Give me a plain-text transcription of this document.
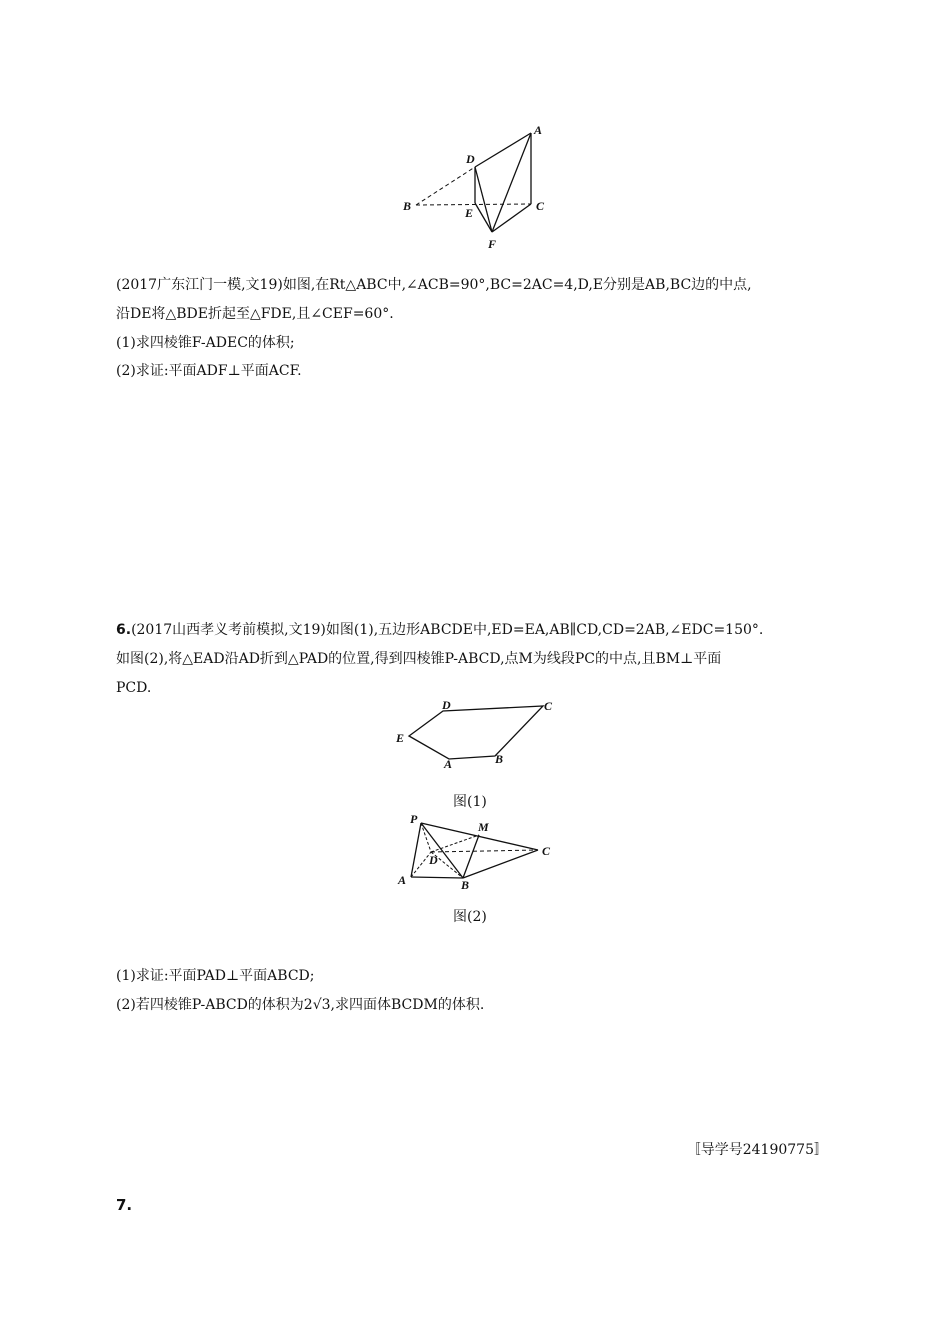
A
D
B	E	C
F
(2017广东江门一模,文19)如图,在Rt△ABC中,∠ACB=90°,BC=2AC=4,D,E分别是AB,BC边的中点,
沿DE将△BDE折起至△FDE,且∠CEF=60°.
(1)求四棱锥F-ADEC的体积;
(2)求证:平面ADF⊥平面ACF.
6.(2017山西孝义考前模拟,文19)如图(1),五边形ABCDE中,ED=EA,AB∥CD,CD=2AB,∠EDC=150°.
如图(2),将△EAD沿AD折到△PAD的位置,得到四棱锥P-ABCD,点M为线段PC的中点,且BM⊥平面
PCD.
D	C
E
A	B
图(1)
P
M
C
D
A	B
图(2)
(1)求证:平面PAD⊥平面ABCD;
(2)若四棱锥P-ABCD的体积为2√3,求四面体BCDM的体积.
〚导学号24190775〛
7.
